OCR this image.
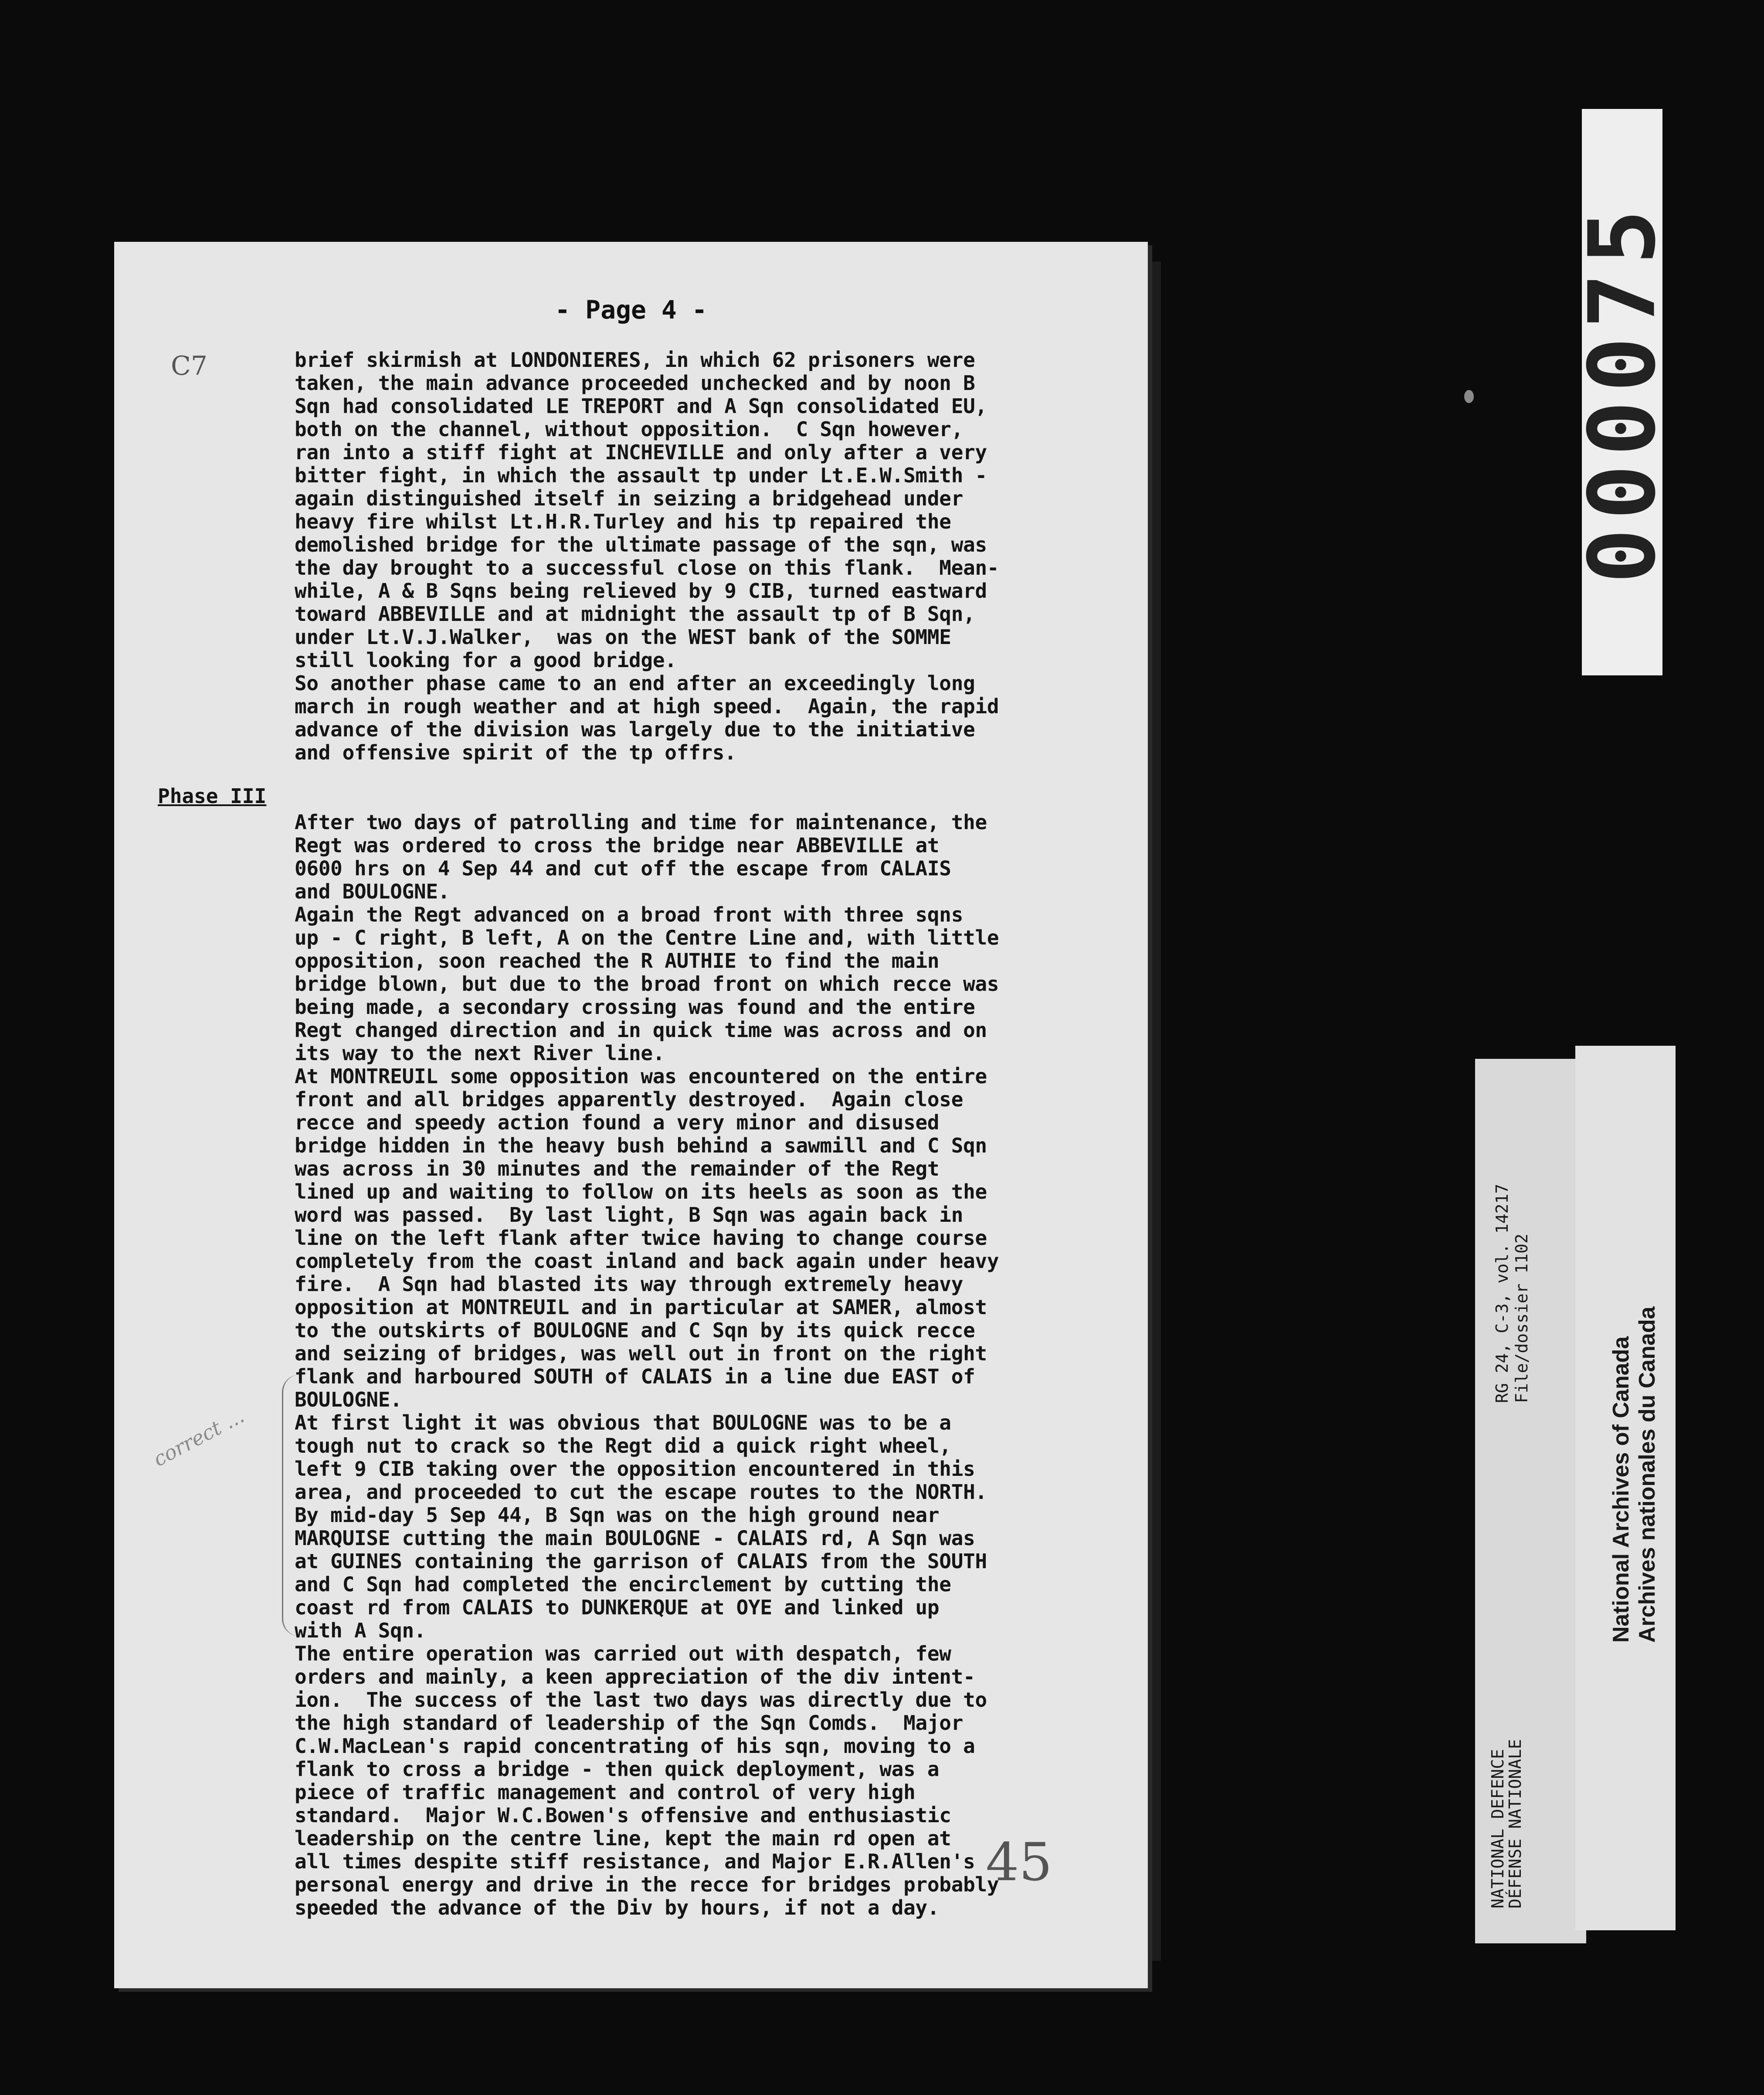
- Page 4 -
C7
Phase III
correct ...
brief skirmish at LONDONIERES, in which 62 prisoners were
taken, the main advance proceeded unchecked and by noon B
Sqn had consolidated LE TREPORT and A Sqn consolidated EU,
both on the channel, without opposition.  C Sqn however,
ran into a stiff fight at INCHEVILLE and only after a very
bitter fight, in which the assault tp under Lt.E.W.Smith -
again distinguished itself in seizing a bridgehead under
heavy fire whilst Lt.H.R.Turley and his tp repaired the
demolished bridge for the ultimate passage of the sqn, was
the day brought to a successful close on this flank.  Mean-
while, A & B Sqns being relieved by 9 CIB, turned eastward
toward ABBEVILLE and at midnight the assault tp of B Sqn,
under Lt.V.J.Walker,  was on the WEST bank of the SOMME
still looking for a good bridge.
So another phase came to an end after an exceedingly long
march in rough weather and at high speed.  Again, the rapid
advance of the division was largely due to the initiative
and offensive spirit of the tp offrs.
After two days of patrolling and time for maintenance, the
Regt was ordered to cross the bridge near ABBEVILLE at
0600 hrs on 4 Sep 44 and cut off the escape from CALAIS
and BOULOGNE.
Again the Regt advanced on a broad front with three sqns
up - C right, B left, A on the Centre Line and, with little
opposition, soon reached the R AUTHIE to find the main
bridge blown, but due to the broad front on which recce was
being made, a secondary crossing was found and the entire
Regt changed direction and in quick time was across and on
its way to the next River line.
At MONTREUIL some opposition was encountered on the entire
front and all bridges apparently destroyed.  Again close
recce and speedy action found a very minor and disused
bridge hidden in the heavy bush behind a sawmill and C Sqn
was across in 30 minutes and the remainder of the Regt
lined up and waiting to follow on its heels as soon as the
word was passed.  By last light, B Sqn was again back in
line on the left flank after twice having to change course
completely from the coast inland and back again under heavy
fire.  A Sqn had blasted its way through extremely heavy
opposition at MONTREUIL and in particular at SAMER, almost
to the outskirts of BOULOGNE and C Sqn by its quick recce
and seizing of bridges, was well out in front on the right
flank and harboured SOUTH of CALAIS in a line due EAST of
BOULOGNE.
At first light it was obvious that BOULOGNE was to be a
tough nut to crack so the Regt did a quick right wheel,
left 9 CIB taking over the opposition encountered in this
area, and proceeded to cut the escape routes to the NORTH.
By mid-day 5 Sep 44, B Sqn was on the high ground near
MARQUISE cutting the main BOULOGNE - CALAIS rd, A Sqn was
at GUINES containing the garrison of CALAIS from the SOUTH
and C Sqn had completed the encirclement by cutting the
coast rd from CALAIS to DUNKERQUE at OYE and linked up
with A Sqn.
The entire operation was carried out with despatch, few
orders and mainly, a keen appreciation of the div intent-
ion.  The success of the last two days was directly due to
the high standard of leadership of the Sqn Comds.  Major
C.W.MacLean's rapid concentrating of his sqn, moving to a
flank to cross a bridge - then quick deployment, was a
piece of traffic management and control of very high
standard.  Major W.C.Bowen's offensive and enthusiastic
leadership on the centre line, kept the main rd open at
all times despite stiff resistance, and Major E.R.Allen's
personal energy and drive in the recce for bridges probably
speeded the advance of the Div by hours, if not a day.
45
000075
NATIONAL DEFENCE
DÉFENSE NATIONALE
RG 24, C-3, vol. 14217 File/dossier 1102
National Archives of Canada Archives nationales du Canada
